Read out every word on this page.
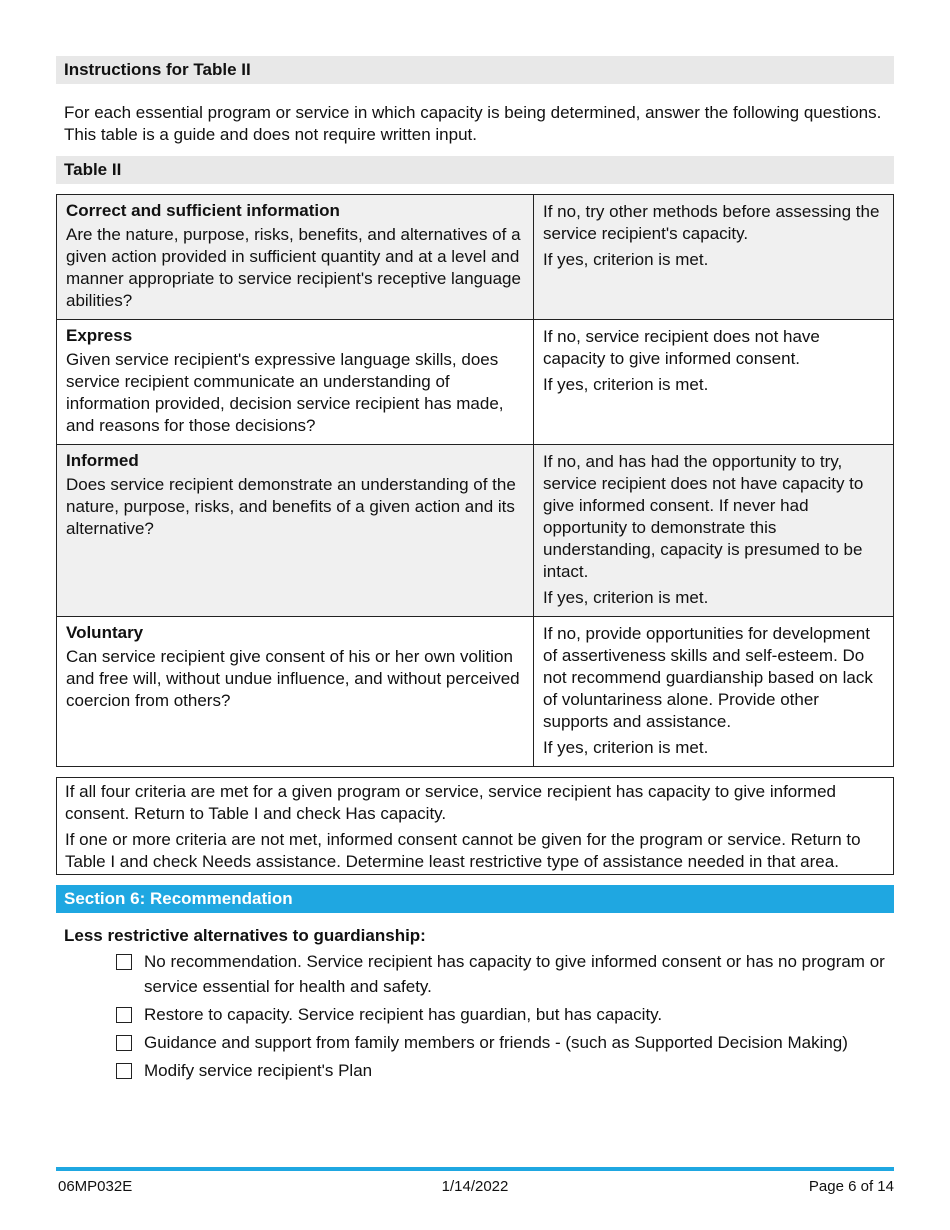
Instructions for Table II
For each essential program or service in which capacity is being determined, answer the following questions. This table is a guide and does not require written input.
Table II
Correct and sufficient information
Are the nature, purpose, risks, benefits, and alternatives of a given action provided in sufficient quantity and at a level and manner appropriate to service recipient's receptive language abilities?	If no, try other methods before assessing the service recipient's capacity.
If yes, criterion is met.

Express
Given service recipient's expressive language skills, does service recipient communicate an understanding of information provided, decision service recipient has made, and reasons for those decisions?	If no, service recipient does not have capacity to give informed consent.
If yes, criterion is met.

Informed
Does service recipient demonstrate an understanding of the nature, purpose, risks, and benefits of a given action and its alternative?	If no, and has had the opportunity to try, service recipient does not have capacity to give informed consent. If never had opportunity to demonstrate this understanding, capacity is presumed to be intact.
If yes, criterion is met.

Voluntary
Can service recipient give consent of his or her own volition and free will, without undue influence, and without perceived coercion from others?	If no, provide opportunities for development of assertiveness skills and self-esteem. Do not recommend guardianship based on lack of voluntariness alone. Provide other supports and assistance.
If yes, criterion is met.

If all four criteria are met for a given program or service, service recipient has capacity to give informed consent. Return to Table I and check Has capacity.

If one or more criteria are not met, informed consent cannot be given for the program or service. Return to Table I and check Needs assistance. Determine least restrictive type of assistance needed in that area.

Section 6: Recommendation
Less restrictive alternatives to guardianship:
No recommendation. Service recipient has capacity to give informed consent or has no program or service essential for health and safety.
Restore to capacity. Service recipient has guardian, but has capacity.
Guidance and support from family members or friends - (such as Supported Decision Making)
Modify service recipient's Plan
06MP032E	1/14/2022	Page 6 of 14
